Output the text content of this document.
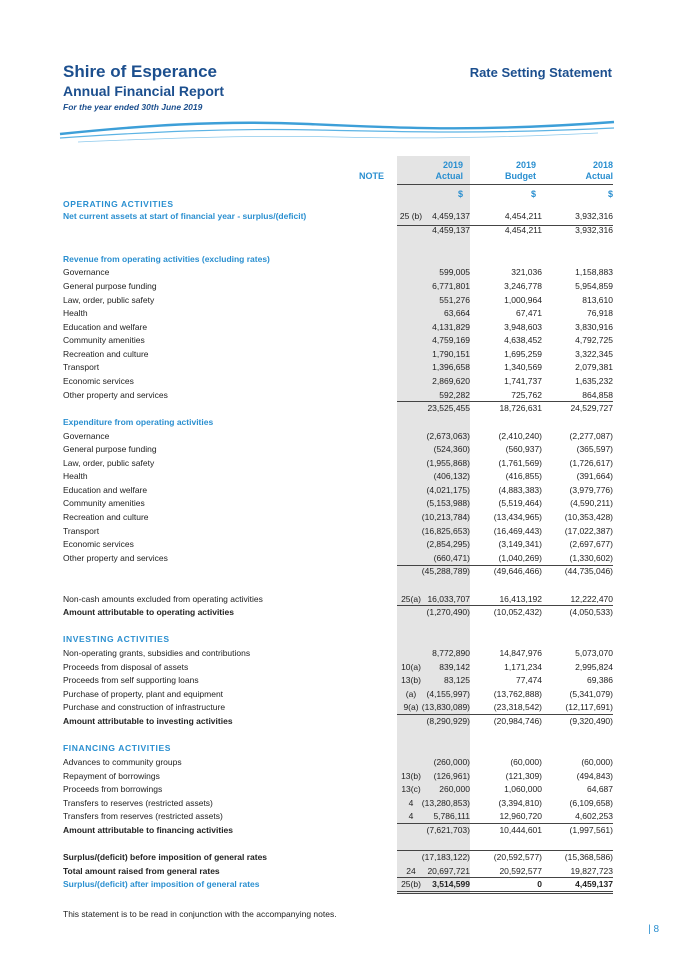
Shire of Esperance
Annual Financial Report
For the year ended 30th June 2019
Rate Setting Statement
NOTE
2019
Actual
2019
Budget
2018
Actual
$	$	$
OPERATING ACTIVITIES
Net current assets at start of financial year - surplus/(deficit)	25 (b)	4,459,137	4,454,211	3,932,316
4,459,137	4,454,211	3,932,316
Revenue from operating activities (excluding rates)
Governance	599,005	321,036	1,158,883
General purpose funding	6,771,801	3,246,778	5,954,859
Law, order, public safety	551,276	1,000,964	813,610
Health	63,664	67,471	76,918
Education and welfare	4,131,829	3,948,603	3,830,916
Community amenities	4,759,169	4,638,452	4,792,725
Recreation and culture	1,790,151	1,695,259	3,322,345
Transport	1,396,658	1,340,569	2,079,381
Economic services	2,869,620	1,741,737	1,635,232
Other property and services	592,282	725,762	864,858
23,525,455	18,726,631	24,529,727
Expenditure from operating activities
Governance	(2,673,063)	(2,410,240)	(2,277,087)
General purpose funding	(524,360)	(560,937)	(365,597)
Law, order, public safety	(1,955,868)	(1,761,569)	(1,726,617)
Health	(406,132)	(416,855)	(391,664)
Education and welfare	(4,021,175)	(4,883,383)	(3,979,776)
Community amenities	(5,153,988)	(5,519,464)	(4,590,211)
Recreation and culture	(10,213,784)	(13,434,965)	(10,353,428)
Transport	(16,825,653)	(16,469,443)	(17,022,387)
Economic services	(2,854,295)	(3,149,341)	(2,697,677)
Other property and services	(660,471)	(1,040,269)	(1,330,602)
(45,288,789)	(49,646,466)	(44,735,046)
Non-cash amounts excluded from operating activities	25(a) 16,033,707	16,413,192	12,222,470
Amount attributable to operating activities	(1,270,490)	(10,052,432)	(4,050,533)
INVESTING ACTIVITIES
Non-operating grants, subsidies and contributions	8,772,890	14,847,976	5,073,070
Proceeds from disposal of assets	10(a)	839,142	1,171,234	2,995,824
Proceeds from self supporting loans	13(b)	83,125	77,474	69,386
Purchase of property, plant and equipment	(a)	(4,155,997)	(13,762,888)	(5,341,079)
Purchase and construction of infrastructure	9(a) (13,830,089)	(23,318,542)	(12,117,691)
Amount attributable to investing activities	(8,290,929)	(20,984,746)	(9,320,490)
FINANCING ACTIVITIES
Advances to community groups	(260,000)	(60,000)	(60,000)
Repayment of borrowings	13(b)	(126,961)	(121,309)	(494,843)
Proceeds from borrowings	13(c)	260,000	1,060,000	64,687
Transfers to reserves (restricted assets)	4 (13,280,853)	(3,394,810)	(6,109,658)
Transfers from reserves (restricted assets)	4	5,786,111	12,960,720	4,602,253
Amount attributable to financing activities	(7,621,703)	10,444,601	(1,997,561)
Surplus/(deficit) before imposition of general rates	(17,183,122)	(20,592,577)	(15,368,586)
Total amount raised from general rates	24	20,697,721	20,592,577	19,827,723
Surplus/(deficit) after imposition of general rates	25(b)	3,514,599	0	4,459,137
This statement is to be read in conjunction with the accompanying notes.
| 8
